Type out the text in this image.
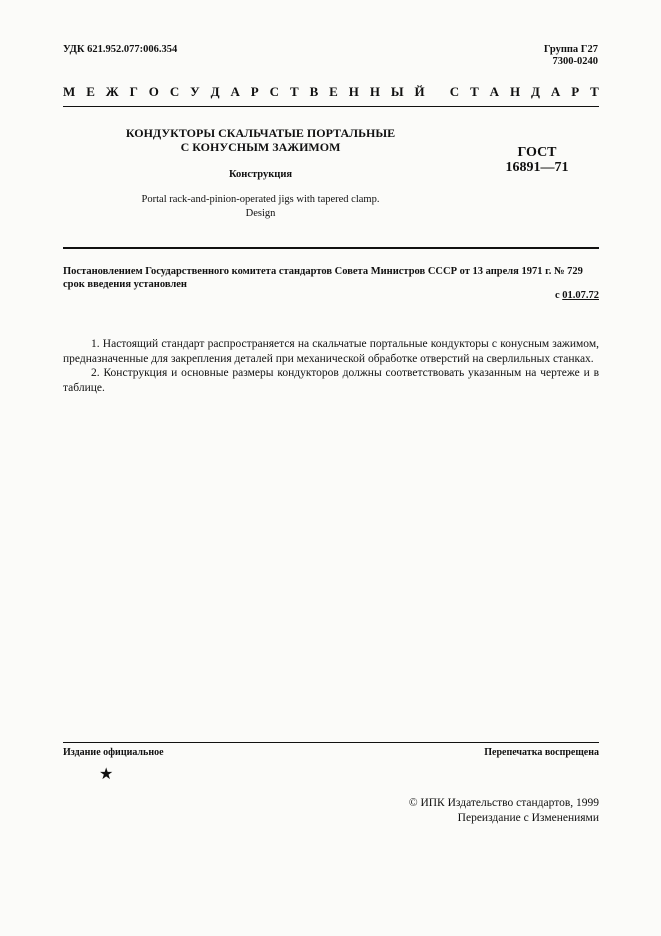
УДК 621.952.077:006.354	Группа Г27
7300-0240
М Е Ж Г О С У Д А Р С Т В Е Н Н Ы Й
С Т А Н Д А Р Т
КОНДУКТОРЫ СКАЛЬЧАТЫЕ ПОРТАЛЬНЫЕ
С КОНУСНЫМ ЗАЖИМОМ
Конструкция
Portal rack-and-pinion-operated jigs with tapered clamp.
Design
ГОСТ
16891—71
Постановлением Государственного комитета стандартов Совета Министров СССР от 13 апреля 1971 г. № 729 срок введения установлен
с 01.07.72

1. Настоящий стандарт распространяется на скальчатые портальные кондукторы с конусным зажимом, предназначенные для закрепления деталей при механической обработке отверстий на сверлильных станках.

2. Конструкция и основные размеры кондукторов должны соответствовать указанным на чертеже и в таблице.

Издание официальное	Перепечатка воспрещена
★
© ИПК Издательство стандартов, 1999
Переиздание с Изменениями
